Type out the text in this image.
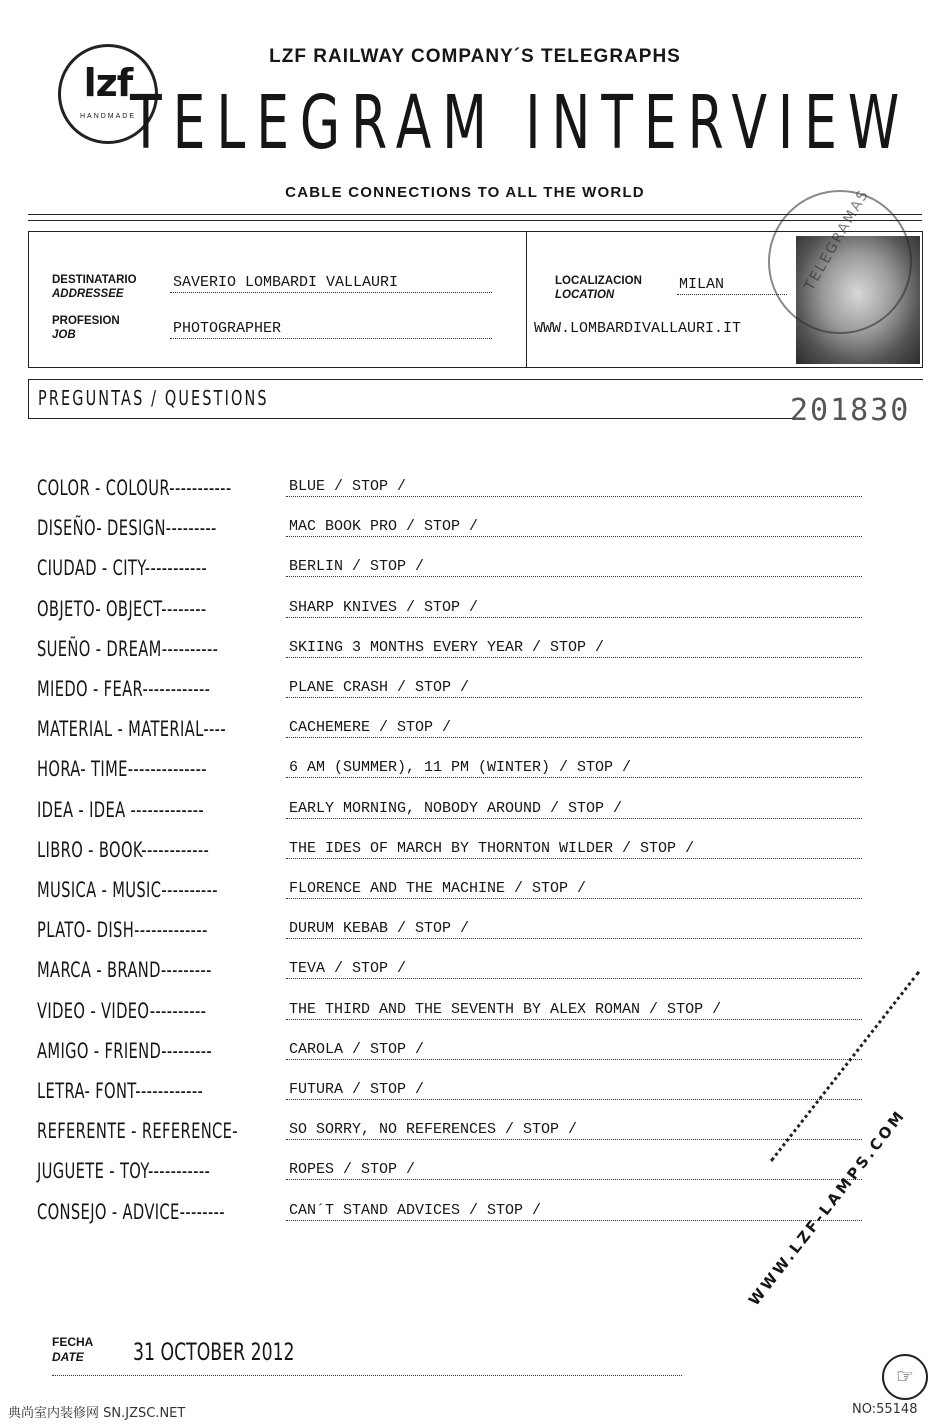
lzf
HANDMADE
LZF RAILWAY COMPANY´S TELEGRAPHS
TELEGRAM INTERVIEW
CABLE CONNECTIONS TO ALL THE WORLD
DESTINATARIO
ADDRESSEE
SAVERIO LOMBARDI VALLAURI
PROFESION
JOB	PHOTOGRAPHER
LOCALIZACION
LOCATION
MILAN
WWW.LOMBARDIVALLAURI.IT
TELEGRAMAS
PREGUNTAS / QUESTIONS	201830
COLOR - COLOUR-----------	BLUE / STOP /
DISEÑO- DESIGN---------	MAC BOOK PRO / STOP /
CIUDAD - CITY-----------	BERLIN / STOP /
OBJETO- OBJECT--------	SHARP KNIVES / STOP /
SUEÑO - DREAM----------	SKIING 3 MONTHS EVERY YEAR / STOP /
MIEDO - FEAR------------	PLANE CRASH / STOP /
MATERIAL - MATERIAL----	CACHEMERE / STOP /
HORA- TIME--------------	6 AM (SUMMER), 11 PM (WINTER) / STOP /
IDEA - IDEA -------------	EARLY MORNING, NOBODY AROUND / STOP /
LIBRO - BOOK------------	THE IDES OF MARCH BY THORNTON WILDER / STOP /
MUSICA - MUSIC----------	FLORENCE AND THE MACHINE / STOP /
PLATO- DISH-------------	DURUM KEBAB / STOP /
MARCA - BRAND---------	TEVA / STOP /
VIDEO - VIDEO----------	THE THIRD AND THE SEVENTH BY ALEX ROMAN / STOP /
AMIGO - FRIEND---------	CAROLA / STOP /
LETRA- FONT------------	FUTURA / STOP /
REFERENTE - REFERENCE-	SO SORRY, NO REFERENCES / STOP /
JUGUETE - TOY-----------	ROPES / STOP /
CONSEJO - ADVICE--------	CAN´T STAND ADVICES / STOP /
FECHA
DATE	31 OCTOBER 2012
WWW.LZF-LAMPS.COM
☞
典尚室内装修网 SN.JZSC.NET	NO:55148
